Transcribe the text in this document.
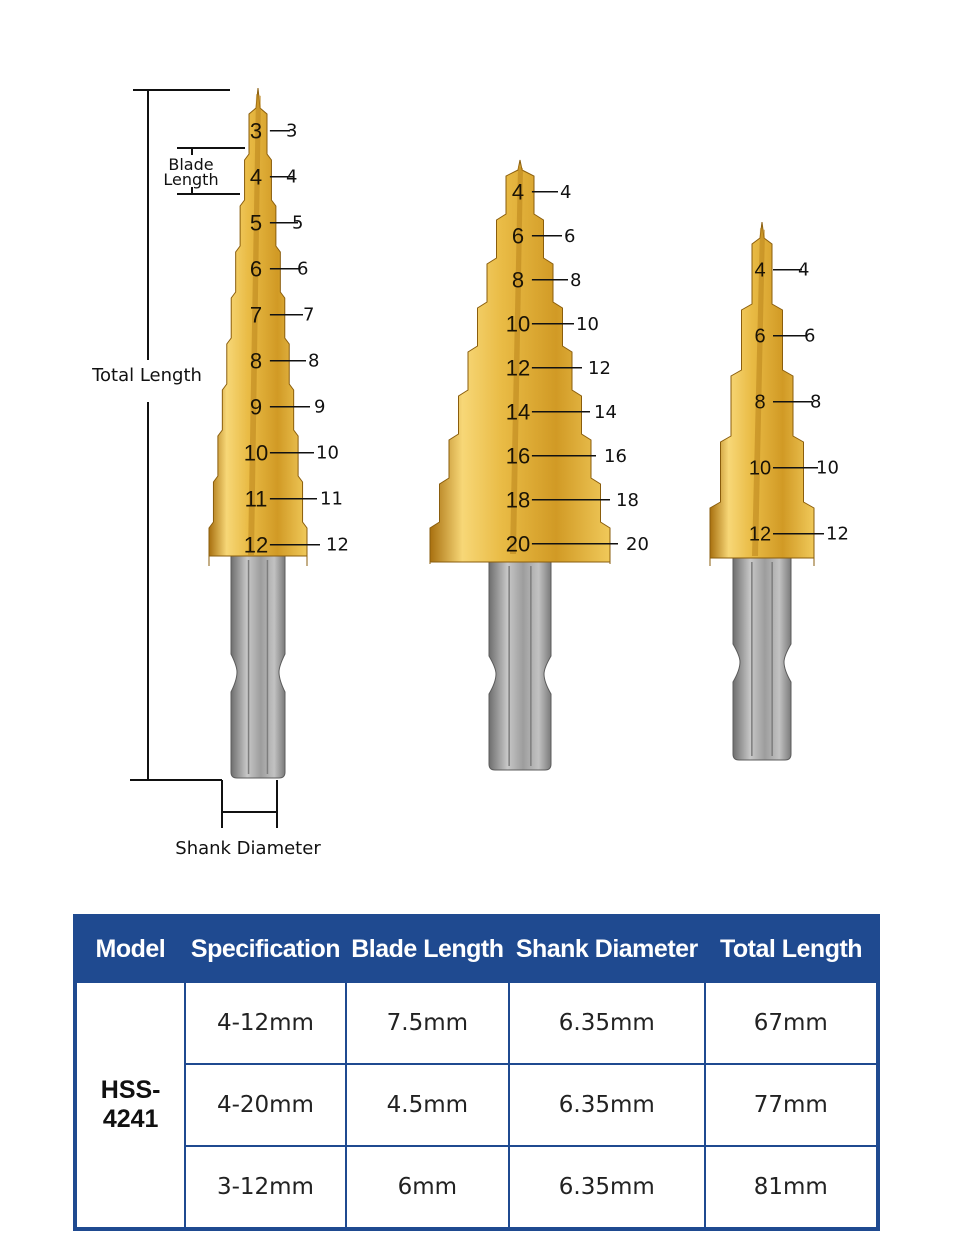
Total Length
Blade
Length
Shank Diameter
3 3
4 4
5 5
6 6
7 7
8	8
9	9
10	10
11	11
12	12
4 4
6 6
8	8
10	10
12	12
14	14
16	16
18	18
20	20
4 4
6 6
8 8
10 10
12	12
Model	Specification	Blade Length	Shank Diameter	Total Length
HSS-4241	4-12mm	7.5mm	6.35mm	67mm
	4-20mm	4.5mm	6.35mm	77mm
	3-12mm	6mm	6.35mm	81mm
